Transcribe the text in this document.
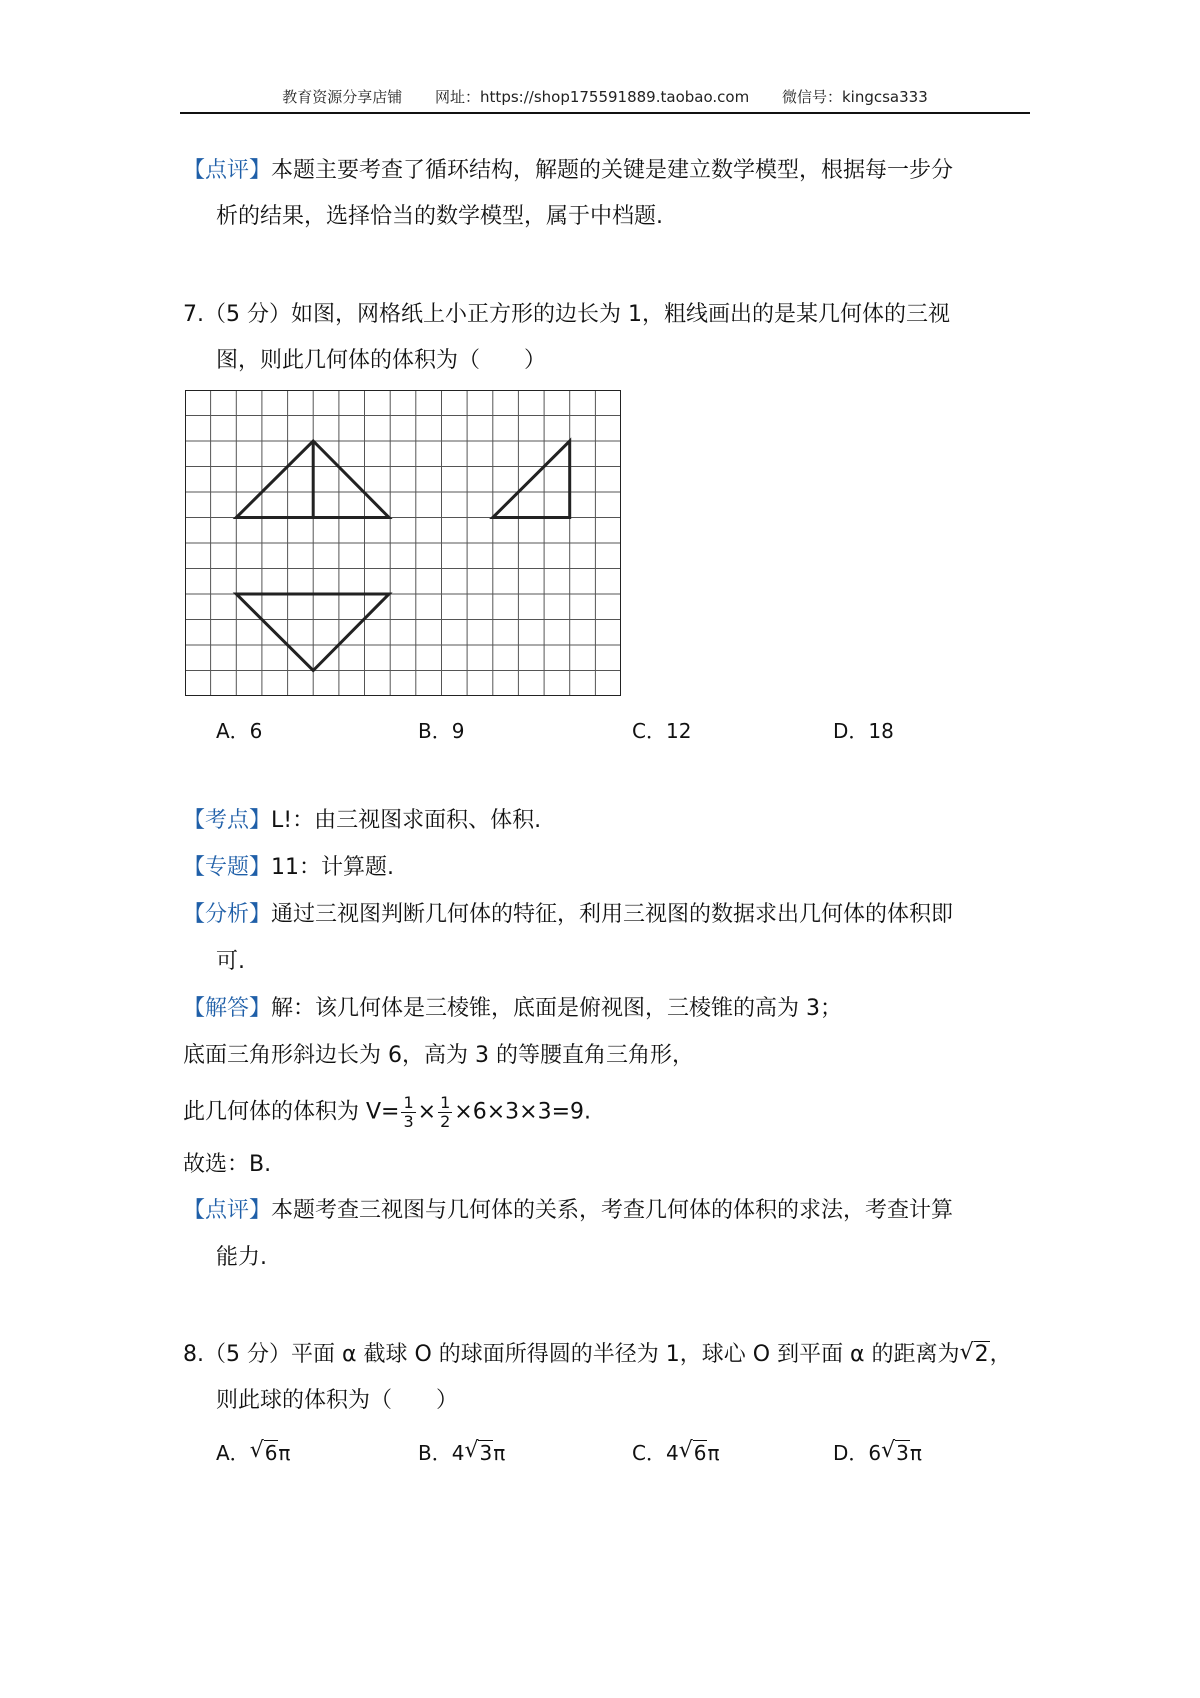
教育资源分享店铺 网址：https://shop175591889.taobao.com 微信号：kingcsa333
【点评】本题主要考查了循环结构，解题的关键是建立数学模型，根据每一步分
析的结果，选择恰当的数学模型，属于中档题.
7.（5 分）如图，网格纸上小正方形的边长为 1，粗线画出的是某几何体的三视
图，则此几何体的体积为（　　）
A．6	B．9	C．12	D．18
【考点】L!：由三视图求面积、体积.
【专题】11：计算题.
【分析】通过三视图判断几何体的特征，利用三视图的数据求出几何体的体积即
可.
【解答】解：该几何体是三棱锥，底面是俯视图，三棱锥的高为 3；
底面三角形斜边长为 6，高为 3 的等腰直角三角形，
此几何体的体积为 $V= \frac{1}{3} \times \frac{1}{2} \times 6\times 3\times 3=9$.
故选：B.
【点评】本题考查三视图与几何体的关系，考查几何体的体积的求法，考查计算
能力.
8.（5 分）平面 α 截球 O 的球面所得圆的半径为 1，球心 O 到平面 α 的距离为 √ 2，
则此球的体积为（　　）
A． √ 6π	B．4 √ 3π	C．4 √ 6π	D．6 √ 3π
